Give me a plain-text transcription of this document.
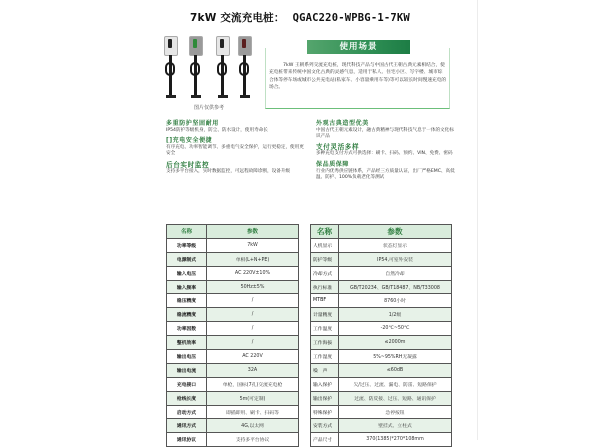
7kW 交流充电桩： QGAC220-WPBG-1-7KW
图片仅供参考
使用场景
7kW 王朝系列交流充电桩，现代科技产品与中国古代王朝古典元素相结合，使充电桩带来传统中国文化古典的灵感气息，适用于私人、住宅小区、写字楼、城市综合体等停车场或城市公共充电站(私家车、小容量乘用车等)等可以较长时间慢速充电的场合。
多重防护坚固耐用
IP54防护等级机身，防尘、防水设计，使用寿命长
[]充电安全便捷
有序充电、功率智能调节、多重电气安全保护，运行更稳定，使用更安全
后台实时监控
支持多平台接入，实时数据监控，可远程故障诊断，设备升级
外观古典造型优美
中国古代王朝元素设计，融古典精神与现代科技气息于一体的文化标识产品
支付灵活多样
多种充电支付方式可供选择：刷卡、扫码、预约、VIN、免费、密码
保品质保障
行业内优秀供应链体系，产品经三方质量认证，出厂严格EMC、高低温、防护、100%负载老化等测试
名称	参数
功率等级	7kW
电源制式	单相(L+N+PE)
输入电压	AC 220V±10%
输入频率	50Hz±5%
稳压精度	/
稳流精度	/
功率因数	/
整机效率	/
输出电压	AC 220V
输出电流	32A
充电接口	单枪，国标(7孔)交流充电枪
枪线长度	5m(可定制)
启动方式	即插即用、刷卡、扫码等
通讯方式	4G,以太网
通讯协议	支持多平台协议
名称	参数
人机显示	状态灯显示
防护等级	IP54,可室外安装
冷却方式	自然冷却
执行标准	GB/T20234、GB/T18487、NB/T33008
MTBF	8760小时
计量精度	1/2级
工作温度	-20℃~50℃
工作海拔	≤2000m
工作湿度	5%~95%RH无凝露
噪　声	≤60dB
输入保护	欠/过压、过流、漏电、防雷、短路保护
输出保护	过流、防反接、过压、短路、通讯保护
特殊保护	急停按钮
安装方式	壁挂式、立柱式
产品尺寸	370(1385)*270*108mm
